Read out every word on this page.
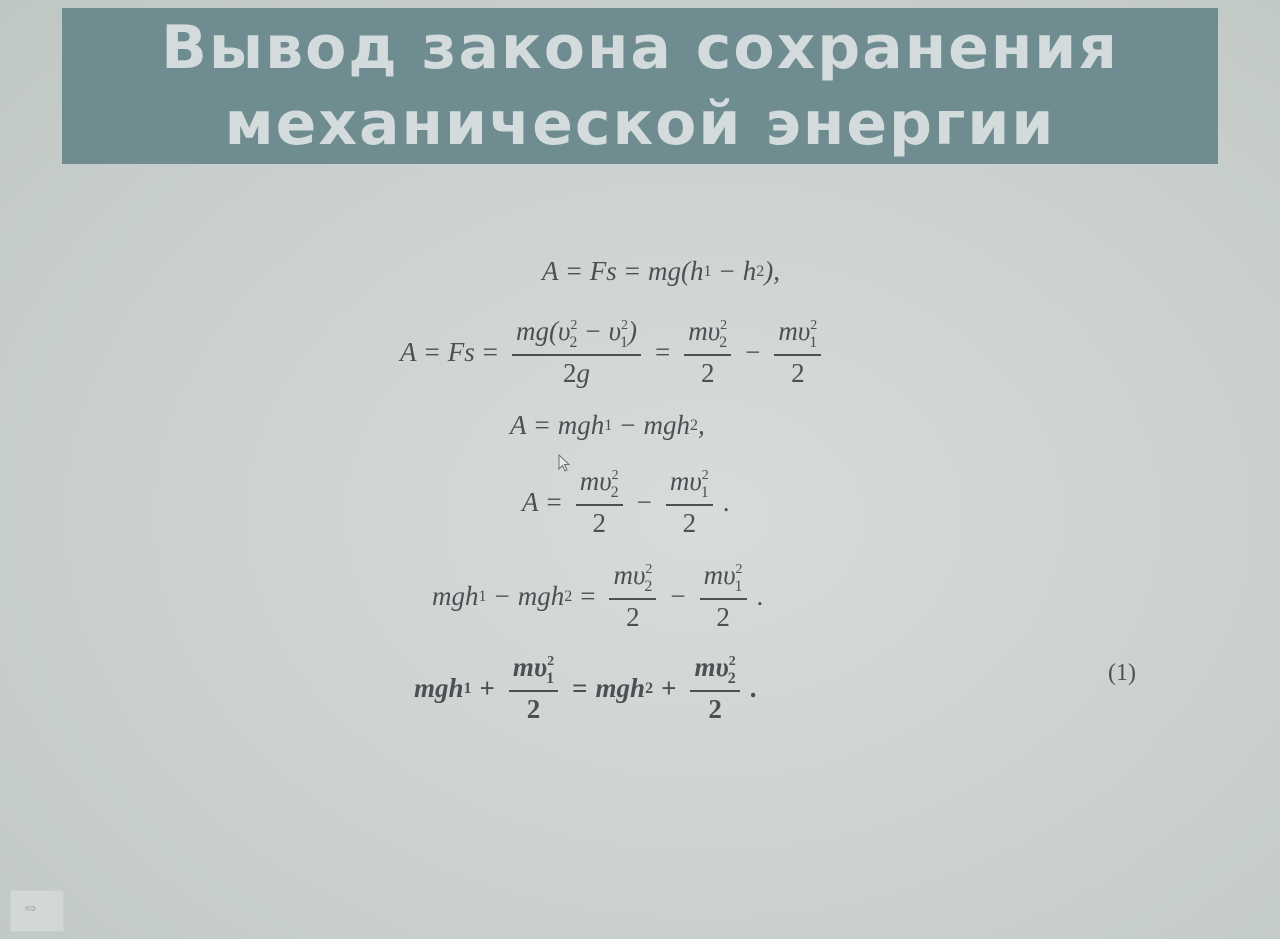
Вывод закона сохранения
механической энергии
A = Fs = mg(h 1 − h 2 ),
$A = Fs = \frac{mg(\upsilon^2_2 - \upsilon^2_1)}{2g} = \frac{m\upsilon^2_2}{2} - \frac{m\upsilon^2_1}{2}$
A = mgh 1 − mgh 2 ,
$A = \frac{m\upsilon^2_2}{2} - \frac{m\upsilon^2_1}{2}$ .
mgh 1 − mgh $2 = \frac{m\upsilon^2_2}{2} - \frac{m\upsilon^2_1}{2}$ .
mgh $1 + \frac{m\upsilon^2_1}{2}$ = mgh $2 + \frac{m\upsilon^2_2}{2}$ .	(1)
⇨
